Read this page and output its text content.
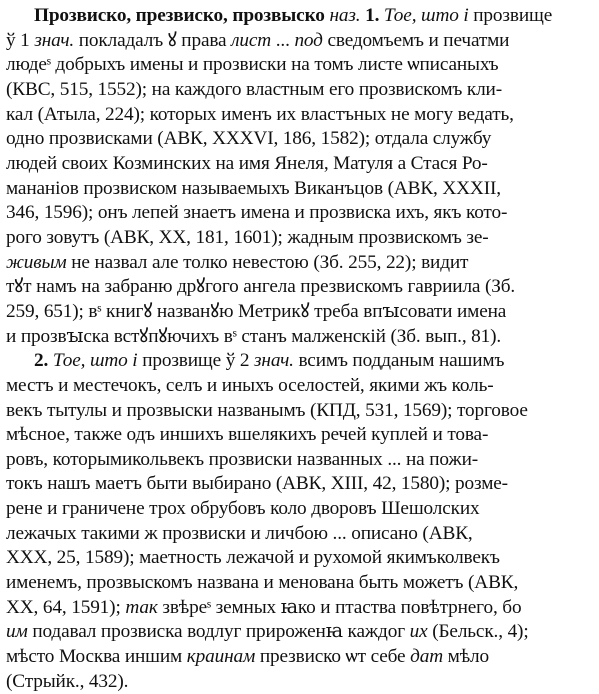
Прозвиско, презвиско, прозвыско наз. 1. Тое, што і прозвище
ў 1 знач. покладалъ ꙋ права лист ... под сведомъемъ и печатми
людеˢ добрыхъ имены и прозвиски на томъ листе ѡписаныхъ
(КВС, 515, 1552); на каждого властным его прозвискомъ кли-
кал (Атыла, 224); которых именъ их властъных не могу ведать,
одно прозвисками (АВК, XXXVI, 186, 1582); отдала службу
людей своих Козминских на имя Янеля, Матуля а Стася Ро-
мананіов прозвиском называемыхъ Виканъцов (АВК, XXXII,
346, 1596); онъ лепей знаетъ имена и прозвиска ихъ, якъ кото-
рого зовутъ (АВК, XX, 181, 1601); жадным прозвискомъ зе-
живым не назвал але толко невестою (Зб. 255, 22); видит
тꙋт намъ на забраню дрꙋгого ангела презвискомъ гавриила (Зб.
259, 651); вˢ книгꙋ названꙋю Метрикꙋ треба впꙑсовати имена
и прозвꙑска встꙋпꙋючихъ вˢ станъ малженскій (Зб. вып., 81).
2. Тое, што і прозвище ў 2 знач. всимъ подданым нашимъ
местъ и местечокъ, селъ и иныхъ оселостей, якими жъ коль-
векъ тытулы и прозвыски названымъ (КПД, 531, 1569); торговое
мѣсное, также одъ иншихъ вшелякихъ речей куплей и това-
ровъ, которымикольвекъ прозвиски названных ... на пожи-
токъ нашъ маетъ быти выбирано (АВК, XIII, 42, 1580); розме-
рене и граничене трох обрубовъ коло дворовъ Шешолских
лежачых такими ж прозвиски и личбою ... описано (АВК,
XXX, 25, 1589); маетность лежачой и рухомой якимъколвекъ
именемъ, прозвыскомъ названа и менована быть можетъ (АВК,
XX, 64, 1591); так звѣреˢ земных ꙗко и птаства повѣтрнего, бо
им подавал прозвиска водлуг прироженꙗ каждог их (Бельск., 4);
мѣсто Москва иншим краинам презвиско ѡт себе дат мѣло
(Стрыйк., 432).
